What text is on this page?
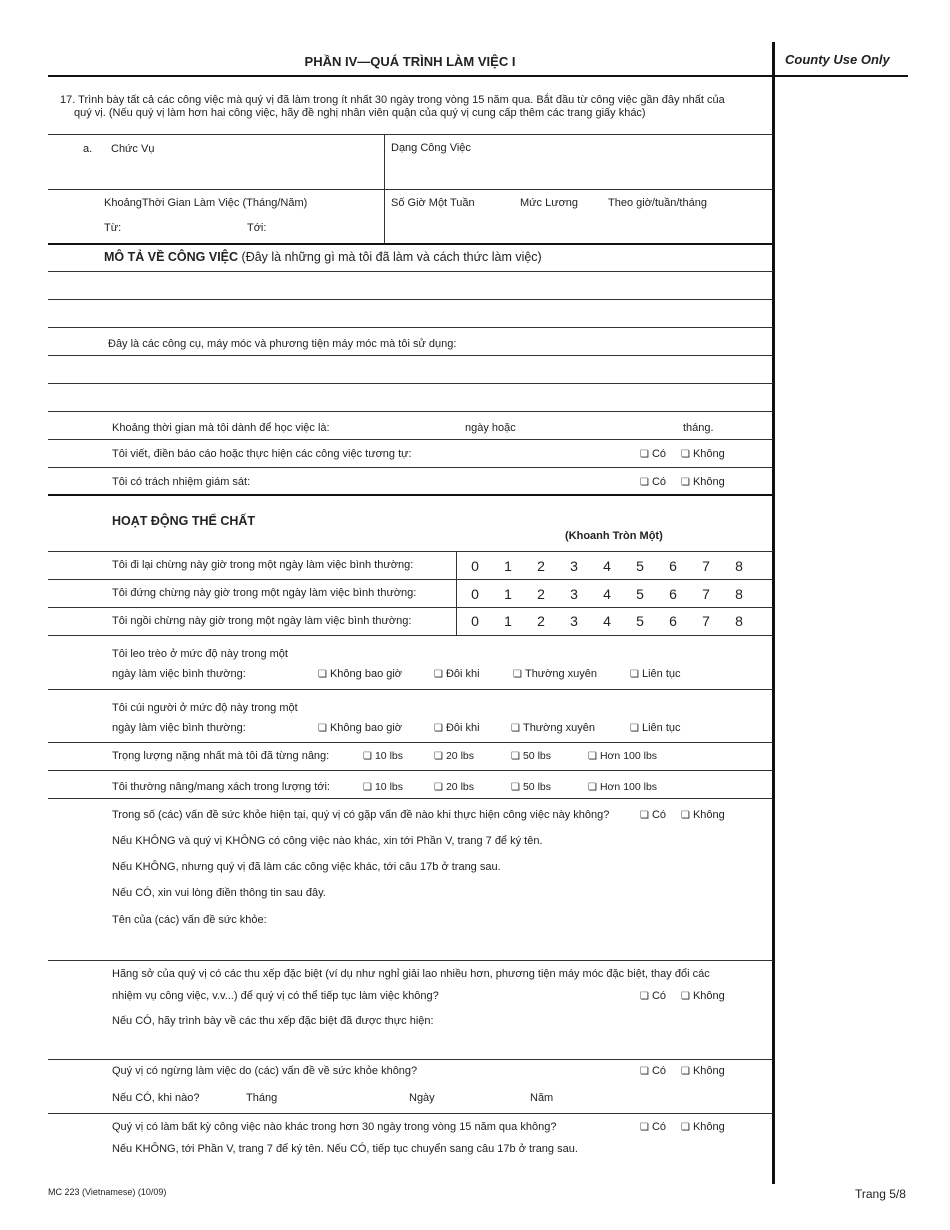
PHẦN IV—QUÁ TRÌNH LÀM VIỆC I	County Use Only
17. Trình bày tất cả các công việc mà quý vị đã làm trong ít nhất 30 ngày trong vòng 15 năm qua. Bắt đầu từ công việc gần đây nhất của
quý vị. (Nếu quý vị làm hơn hai công việc, hãy đề nghị nhân viên quận của quý vị cung cấp thêm các trang giấy khác)
a. Chức Vụ	Dạng Công Việc
KhoảngThời Gian Làm Việc (Tháng/Năm)
Từ:	Tới:
Số Giờ Một Tuần	Mức Lương	Theo giờ/tuần/tháng
MÔ TẢ VỀ CÔNG VIỆC (Đây là những gì mà tôi đã làm và cách thức làm việc)
Đây là các công cụ, máy móc và phương tiện máy móc mà tôi sử dụng:
Khoảng thời gian mà tôi dành để học việc là:	ngày hoặc	tháng.
Tôi viết, điền báo cáo hoặc thực hiện các công việc tương tự:	❏ Có	❏ Không
Tôi có trách nhiệm giám sát:	❏ Có	❏ Không
HOẠT ĐỘNG THỂ CHẤT
(Khoanh Tròn Một)
Tôi đi lại chừng này giờ trong một ngày làm việc bình thường:	0	1	2	3	4	5	6	7	8
Tôi đứng chừng này giờ trong một ngày làm việc bình thường:	0	1	2	3	4	5	6	7	8
Tôi ngồi chừng này giờ trong một ngày làm việc bình thường:	0	1	2	3	4	5	6	7	8
Tôi leo trèo ở mức độ này trong một
ngày làm việc bình thường:	❏ Không bao giờ	❏ Đôi khi	❏ Thường xuyên	❏ Liên tục
Tôi cúi người ở mức độ này trong một
ngày làm việc bình thường:	❏ Không bao giờ	❏ Đôi khi	❏ Thường xuyên	❏ Liên tục
Trọng lượng nặng nhất mà tôi đã từng nâng:	❏ 10 lbs	❏ 20 lbs	❏ 50 lbs	❏ Hơn 100 lbs
Tôi thường nâng/mang xách trong lượng tới:	❏ 10 lbs	❏ 20 lbs	❏ 50 lbs	❏ Hơn 100 lbs
Trong số (các) vấn đề sức khỏe hiện tại, quý vị có gặp vấn đề nào khi thực hiện công việc này không?	❏ Có	❏ Không
Nếu KHÔNG và quý vị KHÔNG có công việc nào khác, xin tới Phần V, trang 7 để ký tên.
Nếu KHÔNG, nhưng quý vị đã làm các công việc khác, tới câu 17b ở trang sau.
Nếu CÓ, xin vui lòng điền thông tin sau đây.
Tên của (các) vấn đề sức khỏe:
Hãng sở của quý vị có các thu xếp đặc biệt (ví dụ như nghỉ giải lao nhiều hơn, phương tiện máy móc đặc biệt, thay đổi các
nhiệm vụ công việc, v.v...) để quý vị có thể tiếp tục làm việc không?	❏ Có	❏ Không
Nếu CÓ, hãy trình bày về các thu xếp đặc biệt đã được thực hiện:
Quý vị có ngừng làm việc do (các) vấn đề về sức khỏe không?	❏ Có	❏ Không
Nếu CÓ, khi nào?	Tháng	Ngày	Năm
Quý vị có làm bất kỳ công việc nào khác trong hơn 30 ngày trong vòng 15 năm qua không?	❏ Có	❏ Không
Nếu KHÔNG, tới Phần V, trang 7 để ký tên. Nếu CÓ, tiếp tục chuyển sang câu 17b ở trang sau.
MC 223 (Vietnamese) (10/09)	Trang 5/8
